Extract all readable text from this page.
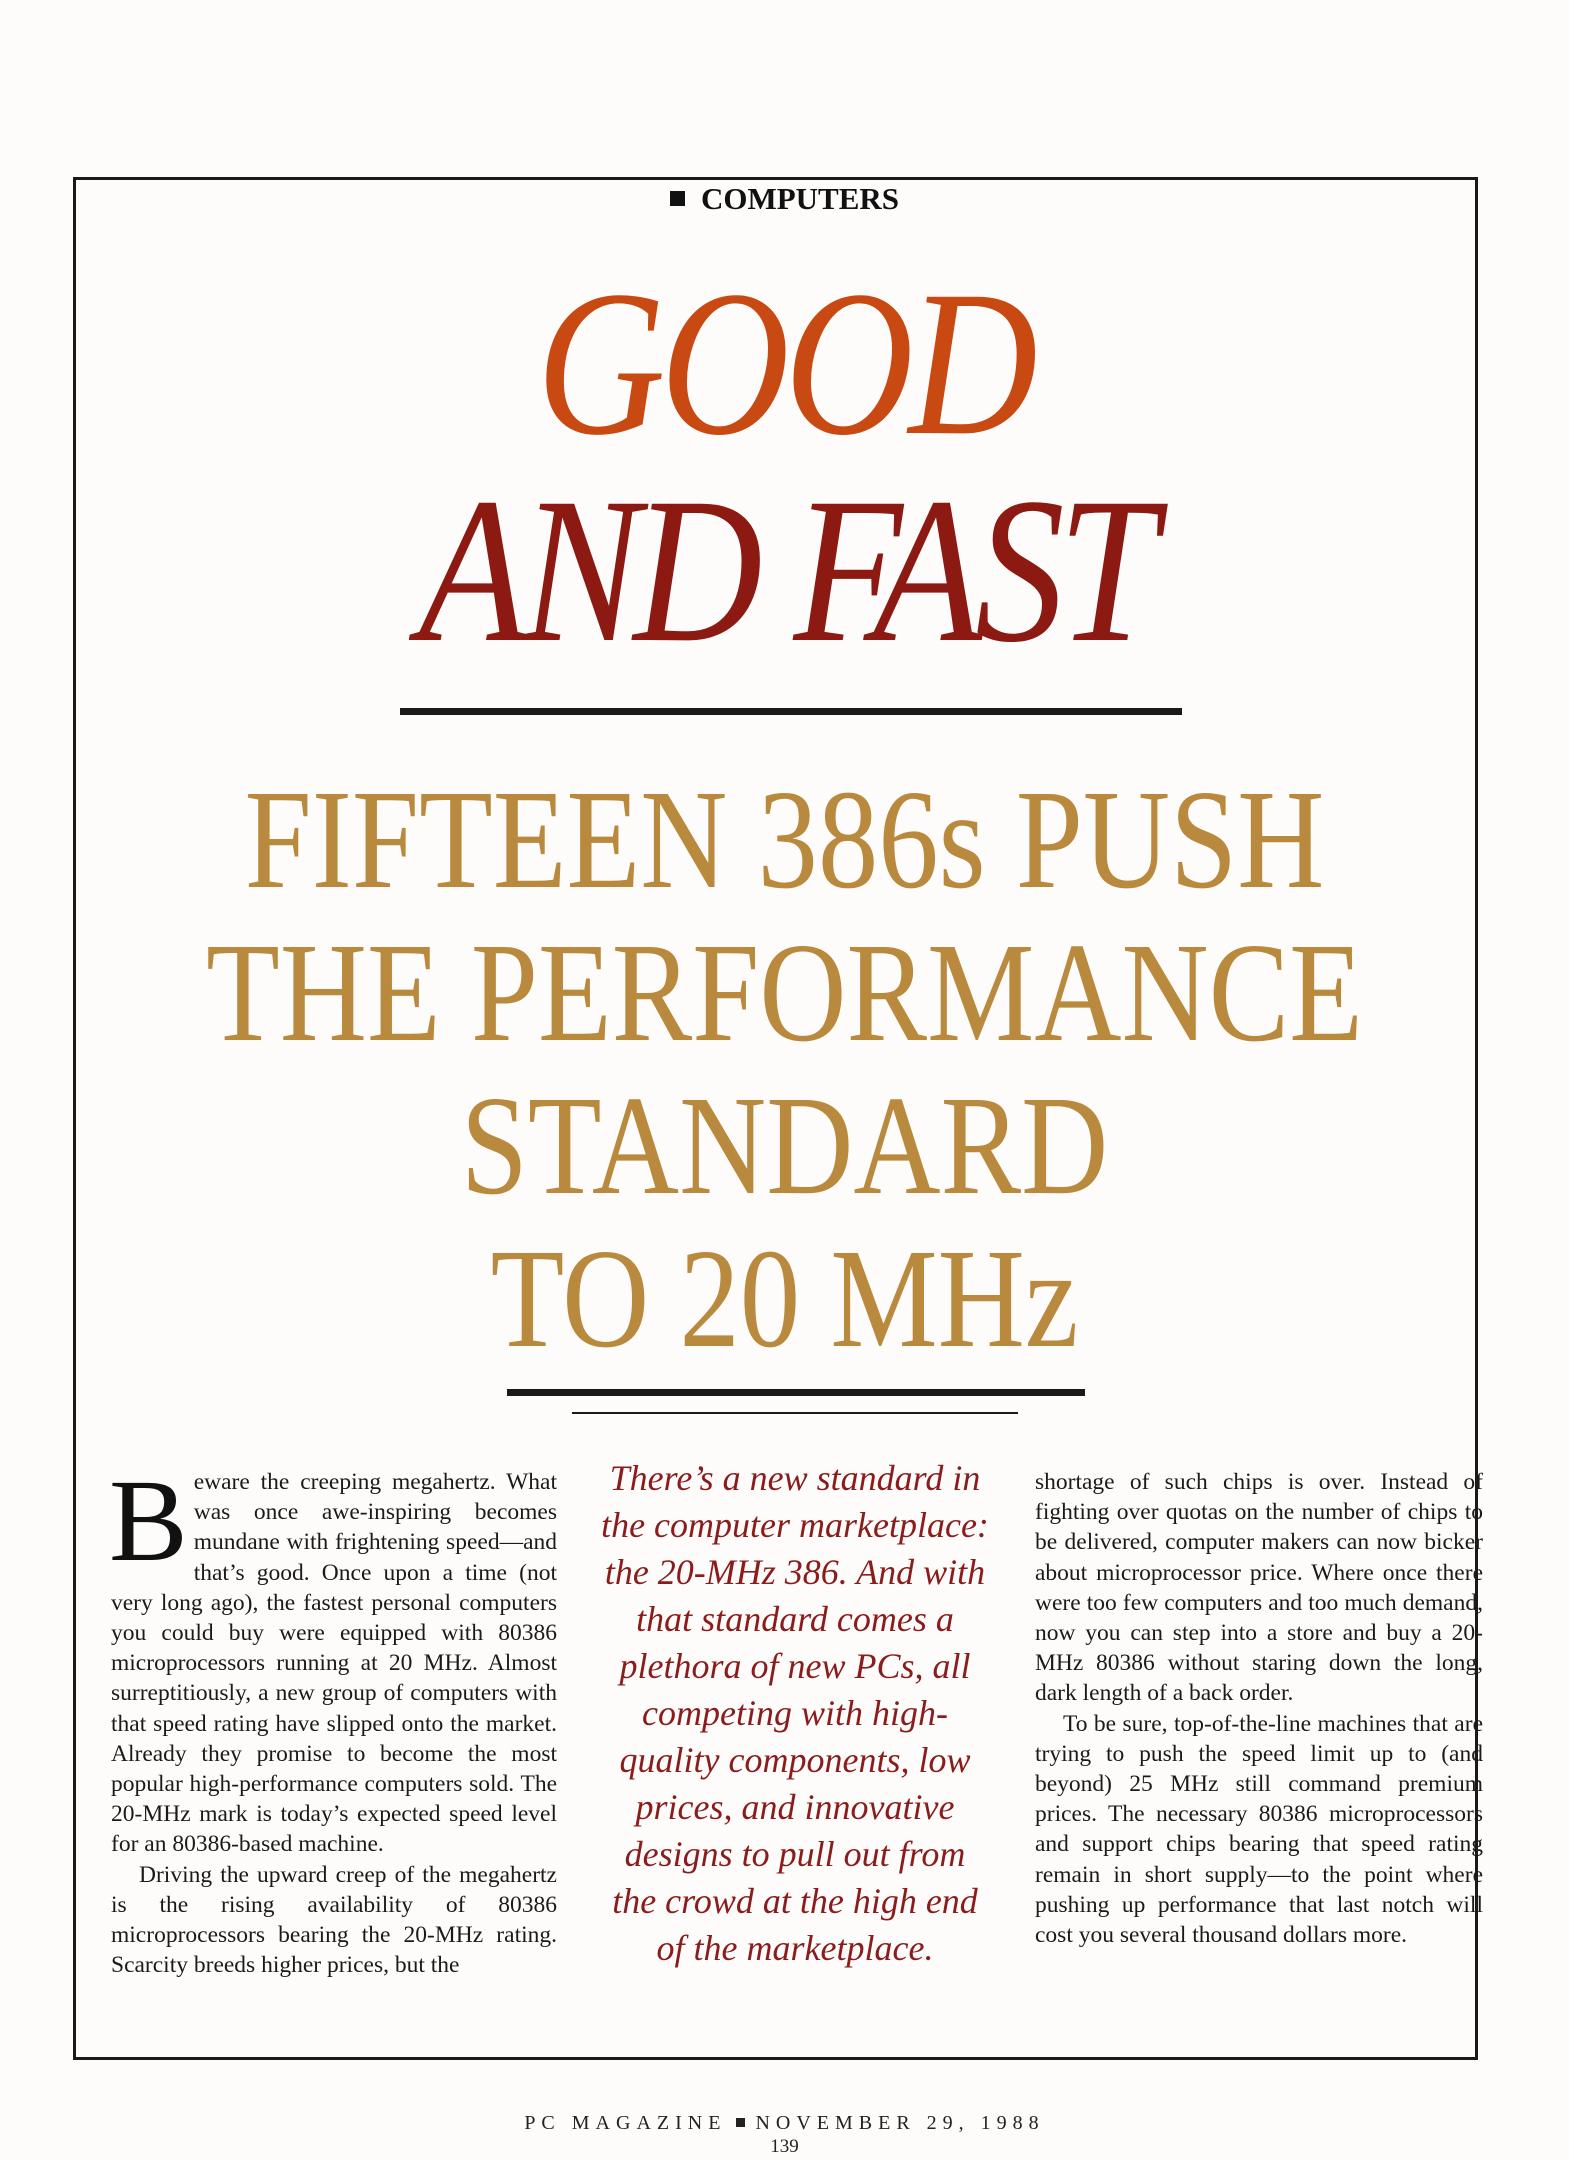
COMPUTERS
GOOD
AND FAST
FIFTEEN 386s PUSH
THE PERFORMANCE
STANDARD
TO 20 MHz

Beware the creeping megahertz. What was once awe-inspiring becomes mundane with frightening speed—and that’s good. Once upon a time (not very long ago), the fastest personal computers you could buy were equipped with 80386 microprocessors running at 20 MHz. Almost surreptitiously, a new group of computers with that speed rating have slipped onto the market. Already they promise to become the most popular high-performance computers sold. The 20-MHz mark is today’s expected speed level for an 80386-based machine.

Driving the upward creep of the megahertz is the rising availability of 80386 microprocessors bearing the 20-MHz rating. Scarcity breeds higher prices, but the

There’s a new standard in the computer marketplace: the 20-MHz 386. And with that standard comes a plethora of new PCs, all competing with high-quality components, low prices, and innovative designs to pull out from the crowd at the high end of the marketplace.

shortage of such chips is over. Instead of fighting over quotas on the number of chips to be delivered, computer makers can now bicker about microprocessor price. Where once there were too few computers and too much demand, now you can step into a store and buy a 20-MHz 80386 without staring down the long, dark length of a back order.

To be sure, top-of-the-line machines that are trying to push the speed limit up to (and beyond) 25 MHz still command premium prices. The necessary 80386 microprocessors and support chips bearing that speed rating remain in short supply—to the point where pushing up performance that last notch will cost you several thousand dollars more.

PC MAGAZINE NOVEMBER 29, 1988
139
